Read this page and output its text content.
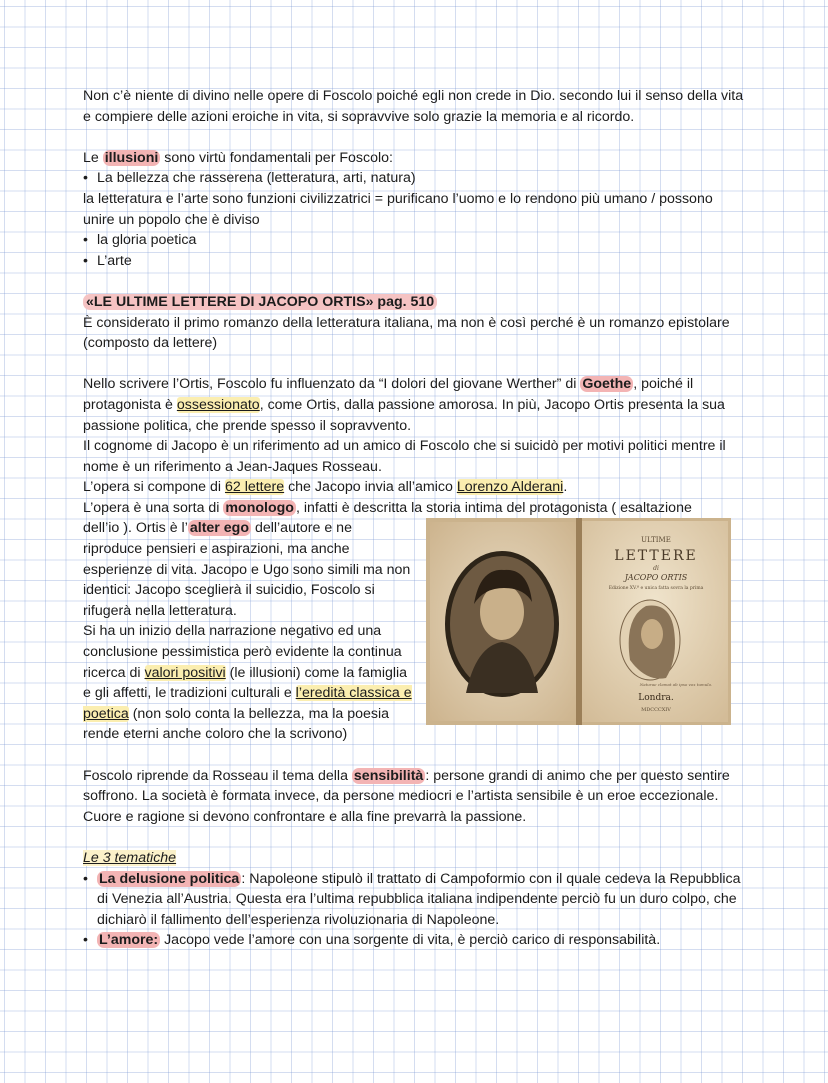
Non c’è niente di divino nelle opere di Foscolo poiché egli non crede in Dio. secondo lui il senso della vita e compiere delle azioni eroiche in vita, si sopravvive solo grazie la memoria e al ricordo.

Le illusioni sono virtù fondamentali per Foscolo:

• La bellezza che rasserena (letteratura, arti, natura)

la letteratura e l’arte sono funzioni civilizzatrici = purificano l’uomo e lo rendono più umano / possono unire un popolo che è diviso

• la gloria poetica

• L’arte

«LE ULTIME LETTERE DI JACOPO ORTIS» pag. 510

È considerato il primo romanzo della letteratura italiana, ma non è così perché è un romanzo epistolare (composto da lettere)

Nello scrivere l’Ortis, Foscolo fu influenzato da “I dolori del giovane Werther” di Goethe , poiché il protagonista è ossessionato, come Ortis, dalla passione amorosa. In più, Jacopo Ortis presenta la sua passione politica, che prende spesso il sopravvento.

Il cognome di Jacopo è un riferimento ad un amico di Foscolo che si suicidò per motivi politici mentre il nome è un riferimento a Jean-Jaques Rosseau.

L’opera si compone di 62 lettere che Jacopo invia all’amico Lorenzo Alderani.

L’opera è una sorta di monologo , infatti è descritta la storia intima del protagonista ( esaltazione

ULTIME
LETTERE
di
JACOPO ORTIS
Edizione XV.ª e unica fatta sovra la prima
Naturae clamat ab ipso vox tumulo.
Londra.
MDCCCXIV

dell’io ). Ortis è l’ alter ego dell’autore e ne riproduce pensieri e aspirazioni, ma anche esperienze di vita. Jacopo e Ugo sono simili ma non identici: Jacopo sceglierà il suicidio, Foscolo si rifugerà nella letteratura.

Si ha un inizio della narrazione negativo ed una conclusione pessimistica però evidente la continua ricerca di valori positivi (le illusioni) come la famiglia e gli affetti, le tradizioni culturali e l’eredità classica e poetica (non solo conta la bellezza, ma la poesia rende eterni anche coloro che la scrivono)

Foscolo riprende da Rosseau il tema della sensibilità : persone grandi di animo che per questo sentire soffrono. La società è formata invece, da persone mediocri e l’artista sensibile è un eroe eccezionale.

Cuore e ragione si devono confrontare e alla fine prevarrà la passione.

Le 3 tematiche

• La delusione politica : Napoleone stipulò il trattato di Campoformio con il quale cedeva la Repubblica di Venezia all’Austria. Questa era l’ultima repubblica italiana indipendente perciò fu un duro colpo, che dichiarò il fallimento dell’esperienza rivoluzionaria di Napoleone.

• L’amore: Jacopo vede l’amore con una sorgente di vita, è perciò carico di responsabilità.
